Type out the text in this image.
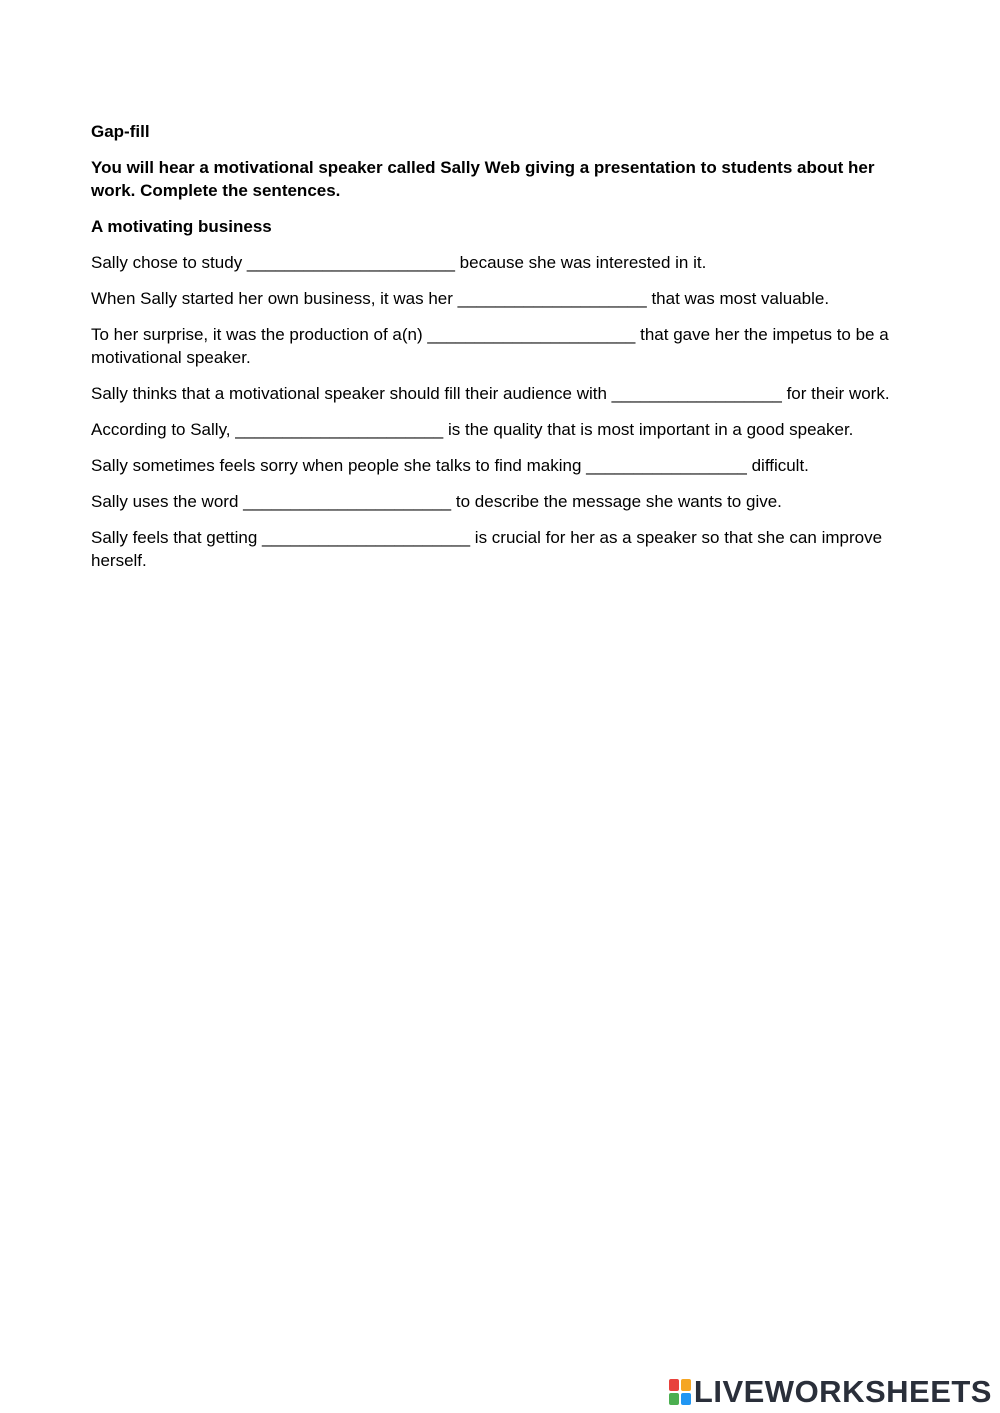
Gap-fill

You will hear a motivational speaker called Sally Web giving a presentation to students about her work. Complete the sentences.

A motivating business

Sally chose to study ______________________ because she was interested in it.

When Sally started her own business, it was her ____________________ that was most valuable.

To her surprise, it was the production of a(n) ______________________ that gave her the impetus to be a motivational speaker.

Sally thinks that a motivational speaker should fill their audience with __________________ for their work.

According to Sally, ______________________ is the quality that is most important in a good speaker.

Sally sometimes feels sorry when people she talks to find making _________________ difficult.

Sally uses the word ______________________ to describe the message she wants to give.

Sally feels that getting ______________________ is crucial for her as a speaker so that she can improve herself.

LIVEWORKSHEETS
